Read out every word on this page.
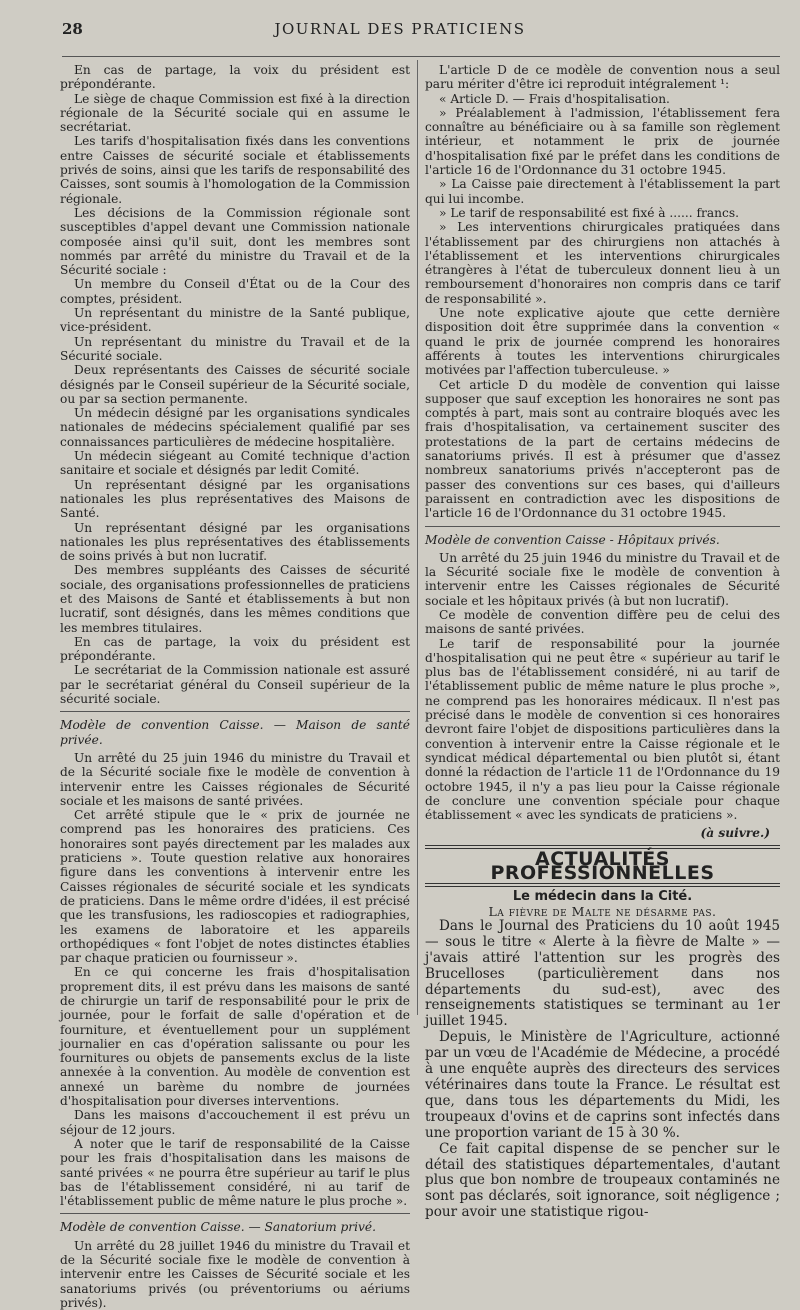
28	JOURNAL DES PRATICIENS

En cas de partage, la voix du président est prépondérante.

Le siège de chaque Commission est fixé à la direction régionale de la Sécurité sociale qui en assume le secrétariat.

Les tarifs d'hospitalisation fixés dans les conventions entre Caisses de sécurité sociale et établissements privés de soins, ainsi que les tarifs de responsabilité des Caisses, sont soumis à l'homologation de la Commission régionale.

Les décisions de la Commission régionale sont susceptibles d'appel devant une Commission nationale composée ainsi qu'il suit, dont les membres sont nommés par arrêté du ministre du Travail et de la Sécurité sociale :

Un membre du Conseil d'État ou de la Cour des comptes, président.

Un représentant du ministre de la Santé publique, vice-président.

Un représentant du ministre du Travail et de la Sécurité sociale.

Deux représentants des Caisses de sécurité sociale désignés par le Conseil supérieur de la Sécurité sociale, ou par sa section permanente.

Un médecin désigné par les organisations syndicales nationales de médecins spécialement qualifié par ses connaissances particulières de médecine hospitalière.

Un médecin siégeant au Comité technique d'action sanitaire et sociale et désignés par ledit Comité.

Un représentant désigné par les organisations nationales les plus représentatives des Maisons de Santé.

Un représentant désigné par les organisations nationales les plus représentatives des établissements de soins privés à but non lucratif.

Des membres suppléants des Caisses de sécurité sociale, des organisations professionnelles de praticiens et des Maisons de Santé et établissements à but non lucratif, sont désignés, dans les mêmes conditions que les membres titulaires.

En cas de partage, la voix du président est prépondérante.

Le secrétariat de la Commission nationale est assuré par le secrétariat général du Conseil supérieur de la sécurité sociale.

Modèle de convention Caisse. — Maison de santé privée.

Un arrêté du 25 juin 1946 du ministre du Travail et de la Sécurité sociale fixe le modèle de convention à intervenir entre les Caisses régionales de Sécurité sociale et les maisons de santé privées.

Cet arrêté stipule que le « prix de journée ne comprend pas les honoraires des praticiens. Ces honoraires sont payés directement par les malades aux praticiens ». Toute question relative aux honoraires figure dans les conventions à intervenir entre les Caisses régionales de sécurité sociale et les syndicats de praticiens. Dans le même ordre d'idées, il est précisé que les transfusions, les radioscopies et radiographies, les examens de laboratoire et les appareils orthopédiques « font l'objet de notes distinctes établies par chaque praticien ou fournisseur ».

En ce qui concerne les frais d'hospitalisation proprement dits, il est prévu dans les maisons de santé de chirurgie un tarif de responsabilité pour le prix de journée, pour le forfait de salle d'opération et de fourniture, et éventuellement pour un supplément journalier en cas d'opération salissante ou pour les fournitures ou objets de pansements exclus de la liste annexée à la convention. Au modèle de convention est annexé un barème du nombre de journées d'hospitalisation pour diverses interventions.

Dans les maisons d'accouchement il est prévu un séjour de 12 jours.

A noter que le tarif de responsabilité de la Caisse pour les frais d'hospitalisation dans les maisons de santé privées « ne pourra être supérieur au tarif le plus bas de l'établissement considéré, ni au tarif de l'établissement public de même nature le plus proche ».

Modèle de convention Caisse. — Sanatorium privé.

Un arrêté du 28 juillet 1946 du ministre du Travail et de la Sécurité sociale fixe le modèle de convention à intervenir entre les Caisses de Sécurité sociale et les sanatoriums privés (ou préventoriums ou aériums privés).

L'article D de ce modèle de convention nous a seul paru mériter d'être ici reproduit intégralement ¹:

« Article D. — Frais d'hospitalisation.

» Préalablement à l'admission, l'établissement fera connaître au bénéficiaire ou à sa famille son règlement intérieur, et notamment le prix de journée d'hospitalisation fixé par le préfet dans les conditions de l'article 16 de l'Ordonnance du 31 octobre 1945.

» La Caisse paie directement à l'établissement la part qui lui incombe.

» Le tarif de responsabilité est fixé à ...... francs.

» Les interventions chirurgicales pratiquées dans l'établissement par des chirurgiens non attachés à l'établissement et les interventions chirurgicales étrangères à l'état de tuberculeux donnent lieu à un remboursement d'honoraires non compris dans ce tarif de responsabilité ».

Une note explicative ajoute que cette dernière disposition doit être supprimée dans la convention « quand le prix de journée comprend les honoraires afférents à toutes les interventions chirurgicales motivées par l'affection tuberculeuse. »

Cet article D du modèle de convention qui laisse supposer que sauf exception les honoraires ne sont pas comptés à part, mais sont au contraire bloqués avec les frais d'hospitalisation, va certainement susciter des protestations de la part de certains médecins de sanatoriums privés. Il est à présumer que d'assez nombreux sanatoriums privés n'accepteront pas de passer des conventions sur ces bases, qui d'ailleurs paraissent en contradiction avec les dispositions de l'article 16 de l'Ordonnance du 31 octobre 1945.

Modèle de convention Caisse - Hôpitaux privés.

Un arrêté du 25 juin 1946 du ministre du Travail et de la Sécurité sociale fixe le modèle de convention à intervenir entre les Caisses régionales de Sécurité sociale et les hôpitaux privés (à but non lucratif).

Ce modèle de convention diffère peu de celui des maisons de santé privées.

Le tarif de responsabilité pour la journée d'hospitalisation qui ne peut être « supérieur au tarif le plus bas de l'établissement considéré, ni au tarif de l'établissement public de même nature le plus proche », ne comprend pas les honoraires médicaux. Il n'est pas précisé dans le modèle de convention si ces honoraires devront faire l'objet de dispositions particulières dans la convention à intervenir entre la Caisse régionale et le syndicat médical départemental ou bien plutôt si, étant donné la rédaction de l'article 11 de l'Ordonnance du 19 octobre 1945, il n'y a pas lieu pour la Caisse régionale de conclure une convention spéciale pour chaque établissement « avec les syndicats de praticiens ».

(à suivre.)

ACTUALITÉS PROFESSIONNELLES

Le médecin dans la Cité.

La fièvre de Malte ne désarme pas.

Dans le Journal des Praticiens du 10 août 1945 — sous le titre « Alerte à la fièvre de Malte » — j'avais attiré l'attention sur les progrès des Brucelloses (particulièrement dans nos départements du sud-est), avec des renseignements statistiques se terminant au 1er juillet 1945.

Depuis, le Ministère de l'Agriculture, actionné par un vœu de l'Académie de Médecine, a procédé à une enquête auprès des directeurs des services vétérinaires dans toute la France. Le résultat est que, dans tous les départements du Midi, les troupeaux d'ovins et de caprins sont infectés dans une proportion variant de 15 à 30 %.

Ce fait capital dispense de se pencher sur le détail des statistiques départementales, d'autant plus que bon nombre de troupeaux contaminés ne sont pas déclarés, soit ignorance, soit négligence ; pour avoir une statistique rigou-
